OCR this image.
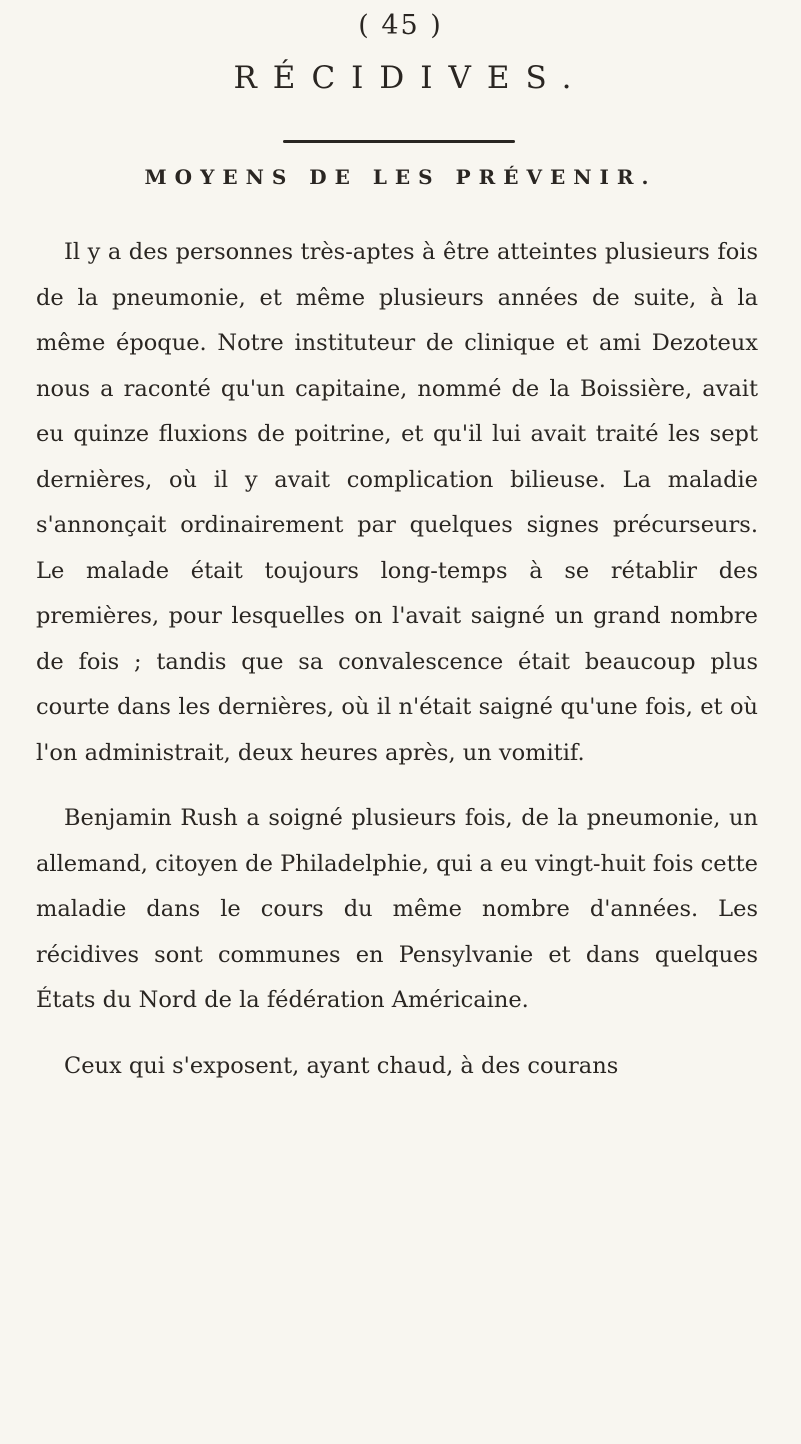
( 45 )
RÉCIDIVES.
MOYENS DE LES PRÉVENIR.

Il y a des personnes très-aptes à être atteintes plusieurs fois de la pneumonie, et même plusieurs années de suite, à la même époque. Notre instituteur de clinique et ami Dezoteux nous a raconté qu'un capitaine, nommé de la Boissière, avait eu quinze fluxions de poitrine, et qu'il lui avait traité les sept dernières, où il y avait complication bilieuse. La maladie s'annonçait ordinairement par quelques signes précurseurs. Le malade était toujours long-temps à se rétablir des premières, pour lesquelles on l'avait saigné un grand nombre de fois ; tandis que sa convalescence était beaucoup plus courte dans les dernières, où il n'était saigné qu'une fois, et où l'on administrait, deux heures après, un vomitif.

Benjamin Rush a soigné plusieurs fois, de la pneumonie, un allemand, citoyen de Philadelphie, qui a eu vingt-huit fois cette maladie dans le cours du même nombre d'années. Les récidives sont communes en Pensylvanie et dans quelques États du Nord de la fédération Américaine.

Ceux qui s'exposent, ayant chaud, à des courans
